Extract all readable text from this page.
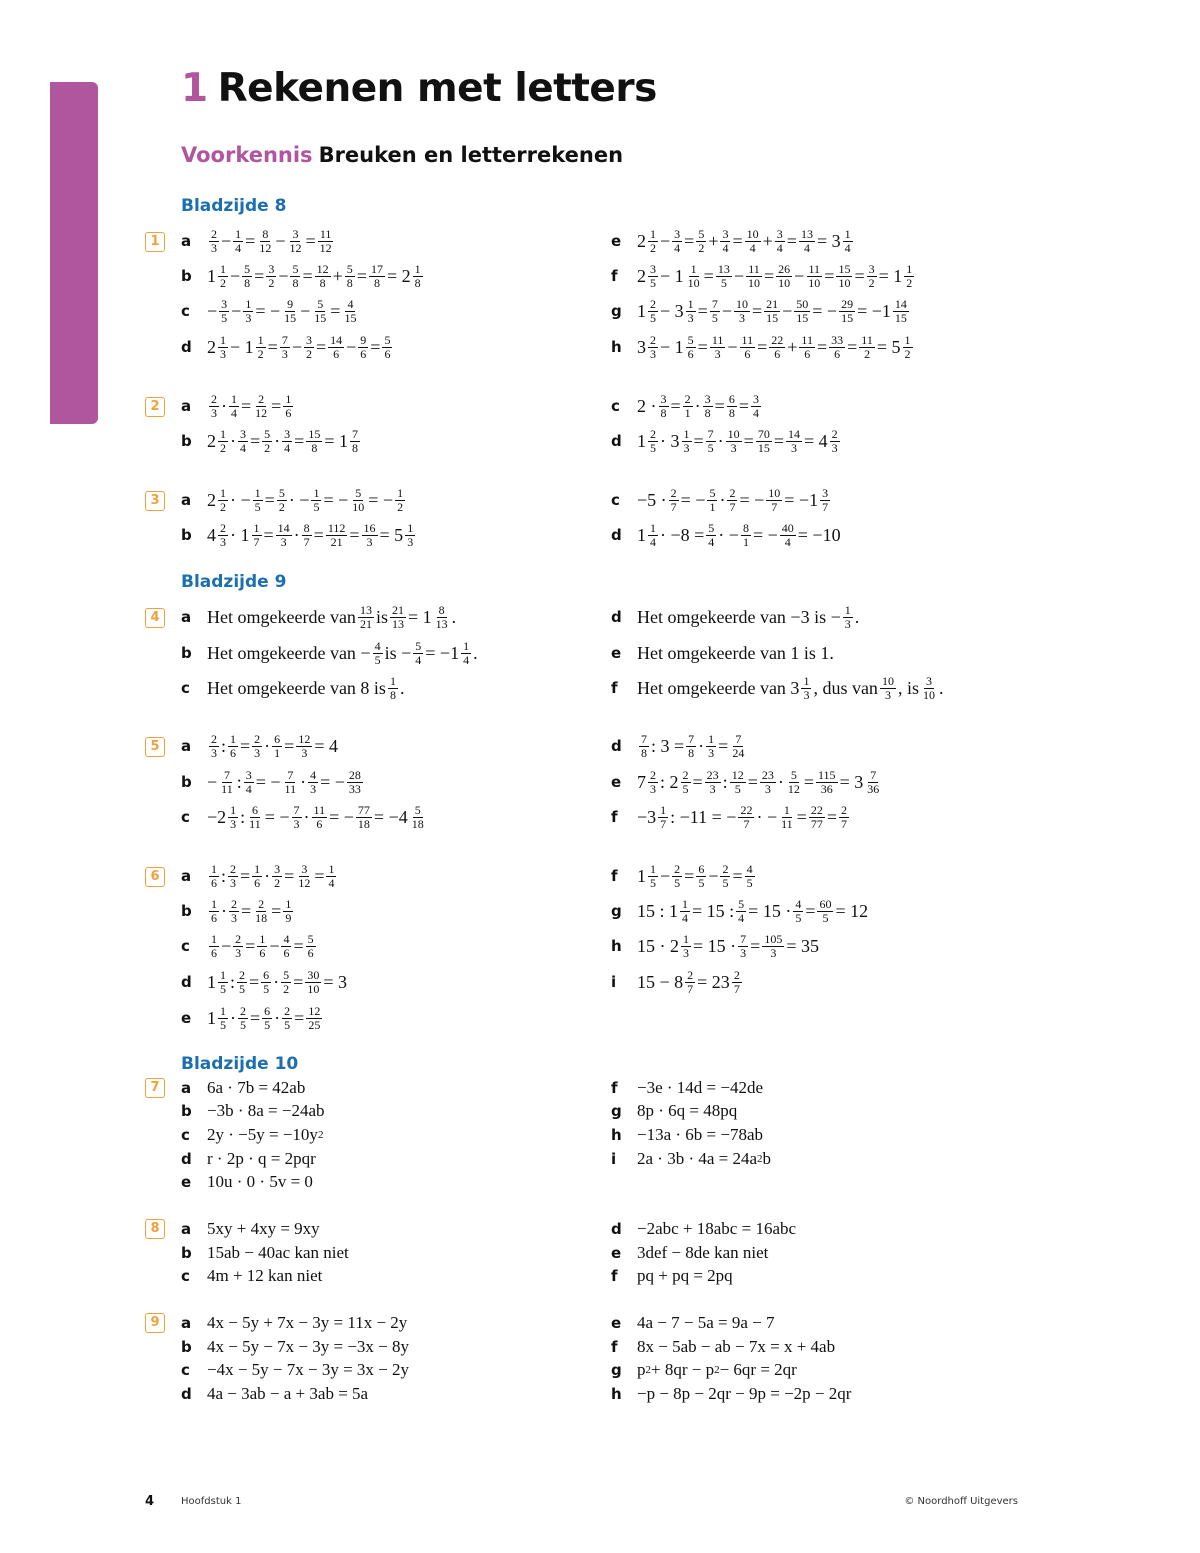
1 Rekenen met letters
Voorkennis Breuken en letterrekenen
Bladzijde 8
Bladzijde 9
Bladzijde 10
1	a	$\frac{2}{3} - \frac{1}{4} = \frac{8}{12} - \frac{3}{12} = \frac{11}{12}$
b $1 \frac{1}{2} - \frac{5}{8} = \frac{3}{2} - \frac{5}{8} = \frac{12}{8} + \frac{5}{8} = \frac{17}{8} = 2 \frac{1}{8}$
$c - \frac{3}{5} - \frac{1}{3}$ = − $\frac{9}{15} - \frac{5}{15} = \frac{4}{15}$
d $2 \frac{1}{3} - 1 \frac{1}{2} = \frac{7}{3} - \frac{3}{2} = \frac{14}{6} - \frac{9}{6} = \frac{5}{6}$
e $2 \frac{1}{2} - \frac{3}{4} = \frac{5}{2} + \frac{3}{4} = \frac{10}{4} + \frac{3}{4} = \frac{13}{4} = 3 \frac{1}{4}$
f	$2 \frac{3}{5} - 1 \frac{1}{10} = \frac{13}{5} - \frac{11}{10} = \frac{26}{10} - \frac{11}{10} = \frac{15}{10} = \frac{3}{2} = 1 \frac{1}{2}$
g $1 \frac{2}{5} - 3 \frac{1}{3} = \frac{7}{5} - \frac{10}{3} = \frac{21}{15} - \frac{50}{15}$ = − $\frac{29}{15} = -1 \frac{14}{15}$
h $3 \frac{2}{3} - 1 \frac{5}{6} = \frac{11}{3} - \frac{11}{6} = \frac{22}{6} + \frac{11}{6} = \frac{33}{6} = \frac{11}{2} = 5 \frac{1}{2}$
2	a	$\frac{2}{3} \cdot \frac{1}{4} = \frac{2}{12} = \frac{1}{6}$
b $2 \frac{1}{2} \cdot \frac{3}{4} = \frac{5}{2} \cdot \frac{3}{4} = \frac{15}{8} = 1 \frac{7}{8}$
c $2 \cdot \frac{3}{8} = \frac{2}{1} \cdot \frac{3}{8} = \frac{6}{8} = \frac{3}{4}$
d $1 \frac{2}{5} \cdot 3 \frac{1}{3} = \frac{7}{5} \cdot \frac{10}{3} = \frac{70}{15} = \frac{14}{3} = 4 \frac{2}{3}$
3	a $2 \frac{1}{2}$ · − $\frac{1}{5} = \frac{5}{2}$ · − $\frac{1}{5}$ = − $\frac{5}{10}$ = − $\frac{1}{2}$
b $4 \frac{2}{3} \cdot 1 \frac{1}{7} = \frac{14}{3} \cdot \frac{8}{7} = \frac{112}{21} = \frac{16}{3} = 5 \frac{1}{3}$
$c -5 \cdot \frac{2}{7}$ = − $\frac{5}{1} \cdot \frac{2}{7}$ = − $\frac{10}{7} = -1 \frac{3}{7}$
d $1 \frac{1}{4} \cdot -8 = \frac{5}{4}$ · − $\frac{8}{1}$ = − $\frac{40}{4} = -10$
4	a Het omgekeerde van $\frac{13}{21}$ is $\frac{21}{13} = 1 \frac{8}{13}$ .
b Het omgekeerde van − $\frac{4}{5}$ is − $\frac{5}{4} = -1 \frac{1}{4}$ .
c Het omgekeerde van 8 is $\frac{1}{8}$ .
d Het omgekeerde van −3 is − $\frac{1}{3}$ .
e Het omgekeerde van 1 is 1.
f	Het omgekeerde van $3 \frac{1}{3}$ , dus van $\frac{10}{3}$ , is $\frac{3}{10}$ .
5	a	$\frac{2}{3}$ : $\frac{1}{6} = \frac{2}{3} \cdot \frac{6}{1} = \frac{12}{3} = 4$
$b - \frac{7}{11}$ : $\frac{3}{4}$ = − $\frac{7}{11} \cdot \frac{4}{3}$ = − $\frac{28}{33}$
$c -2 \frac{1}{3}$ : $\frac{6}{11}$ = − $\frac{7}{3} \cdot \frac{11}{6}$ = − $\frac{77}{18} = -4 \frac{5}{18}$
d	$\frac{7}{8}$ : $3 = \frac{7}{8} \cdot \frac{1}{3} = \frac{7}{24}$
e $7 \frac{2}{3}$ : $2 \frac{2}{5} = \frac{23}{3}$ : $\frac{12}{5} = \frac{23}{3} \cdot \frac{5}{12} = \frac{115}{36} = 3 \frac{7}{36}$
f	$-3 \frac{1}{7}$ : −11 = − $\frac{22}{7}$ · − $\frac{1}{11} = \frac{22}{77} = \frac{2}{7}$
6	a	$\frac{1}{6}$ : $\frac{2}{3} = \frac{1}{6} \cdot \frac{3}{2} = \frac{3}{12} = \frac{1}{4}$
b	$\frac{1}{6} \cdot \frac{2}{3} = \frac{2}{18} = \frac{1}{9}$
c	$\frac{1}{6} - \frac{2}{3} = \frac{1}{6} - \frac{4}{6} = \frac{5}{6}$
d $1 \frac{1}{5}$ : $\frac{2}{5} = \frac{6}{5} \cdot \frac{5}{2} = \frac{30}{10} = 3$
e $1 \frac{1}{5} \cdot \frac{2}{5} = \frac{6}{5} \cdot \frac{2}{5} = \frac{12}{25}$
f	$1 \frac{1}{5} - \frac{2}{5} = \frac{6}{5} - \frac{2}{5} = \frac{4}{5}$
g 15 : $1 \frac{1}{4} = 15$ : $\frac{5}{4} = 15 \cdot \frac{4}{5} = \frac{60}{5} = 12$
h $15 \cdot 2 \frac{1}{3} = 15 \cdot \frac{7}{3} = \frac{105}{3} = 35$
i	$15 - 8 \frac{2}{7} = 23 \frac{2}{7}$
7	a 6a · 7b = 42ab
b −3b · 8a = −24ab
c	2y · −5y = −10y 2
d r · 2p · q = 2pqr
e 10u · 0 · 5v = 0
f	−3e · 14d = −42de
g 8p · 6q = 48pq
h −13a · 6b = −78ab
i	2a · 3b · 4a = 24a 2 b
8	a 5xy + 4xy = 9xy
b 15ab − 40ac kan niet
c	4m + 12 kan niet
d −2abc + 18abc = 16abc
e 3def − 8de kan niet
f	pq + pq = 2pq
9	a 4x − 5y + 7x − 3y = 11x − 2y
b 4x − 5y − 7x − 3y = −3x − 8y
c	−4x − 5y − 7x − 3y = 3x − 2y
d 4a − 3ab − a + 3ab = 5a
e 4a − 7 − 5a = 9a − 7
f	8x − 5ab − ab − 7x = x + 4ab
g p 2 + 8qr − p 2 − 6qr = 2qr
h −p − 8p − 2qr − 9p = −2p − 2qr
4	Hoofdstuk 1	© Noordhoff Uitgevers
